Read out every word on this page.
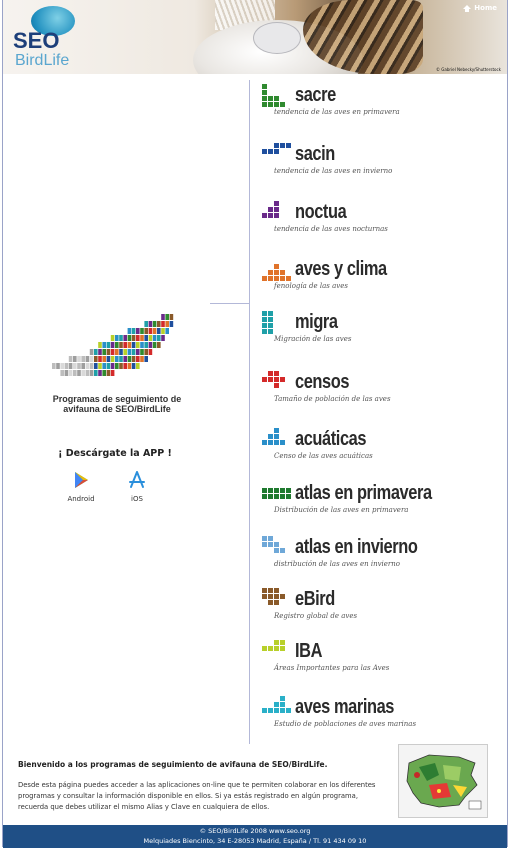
SEO
BirdLife
Home
© Gabriel Nebecky/Shutterstock
Programas de seguimiento de avifauna de SEO/BirdLife
¡ Descárgate la APP !
Android	iOS
sacre
tendencia de las aves en primavera
sacin
tendencia de las aves en invierno
noctua
tendencia de las aves nocturnas
aves y clima
fenología de las aves
migra
Migración de las aves
censos
Tamaño de población de las aves
acuáticas
Censo de las aves acuáticas
atlas en primavera
Distribución de las aves en primavera
atlas en invierno
distribución de las aves en invierno
eBird
Registro global de aves
IBA
Áreas Importantes para las Aves
aves marinas
Estudio de poblaciones de aves marinas
Bienvenido a los programas de seguimiento de avifauna de SEO/BirdLife.
Desde esta página puedes acceder a las aplicaciones on-line que te permiten colaborar en los diferentes programas y consultar la información disponible en ellos. Si ya estás registrado en algún programa, recuerda que debes utilizar el mismo Alias y Clave en cualquiera de ellos.
© SEO/BirdLife 2008 www.seo.org
Melquiades Biencinto, 34 E-28053 Madrid, España / Tl. 91 434 09 10
